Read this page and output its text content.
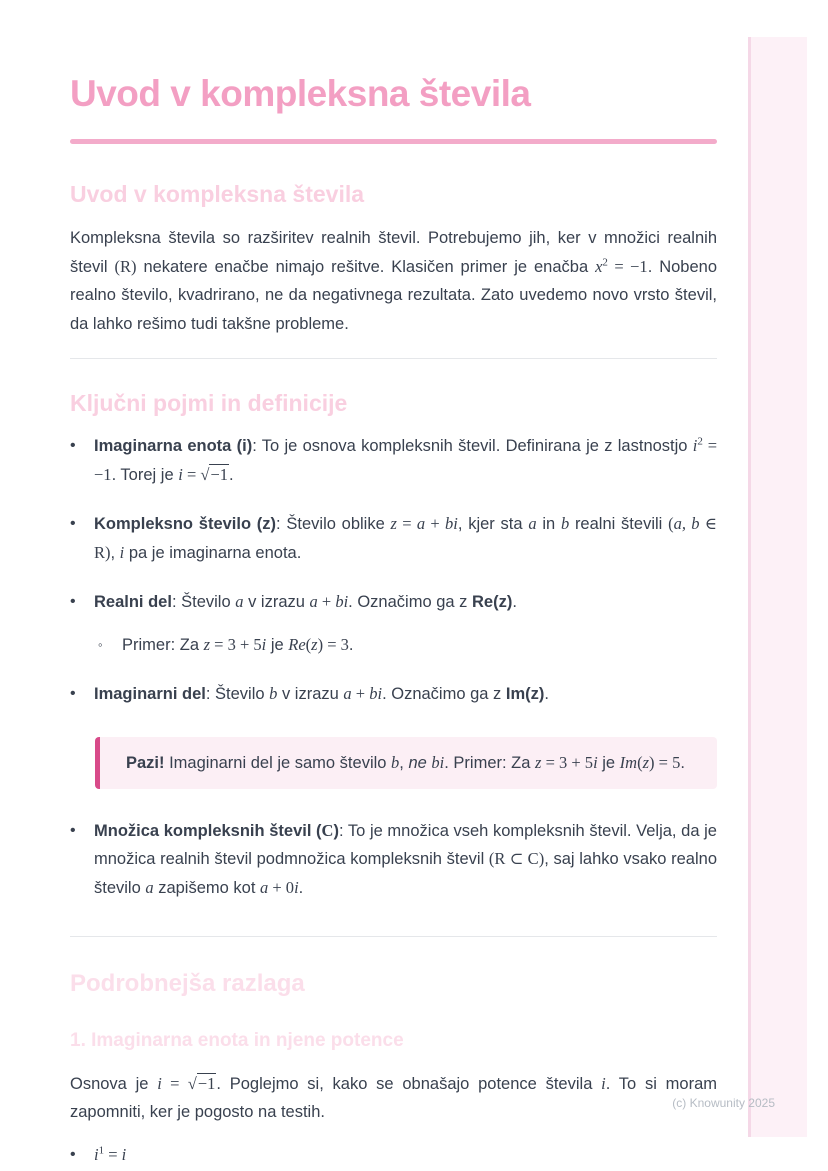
Uvod v kompleksna števila
Uvod v kompleksna števila

Kompleksna števila so razširitev realnih števil. Potrebujemo jih, ker v množici realnih števil (R) nekatere enačbe nimajo rešitve. Klasičen primer je enačba $x^2 = -1$. Nobeno realno število, kvadrirano, ne da negativnega rezultata. Zato uvedemo novo vrsto števil, da lahko rešimo tudi takšne probleme.

Ključni pojmi in definicije
•	Imaginarna enota (i): To je osnova kompleksnih števil. Definirana je z lastnostjo $i^2 = -1$. Torej je i = √−1.
•	Kompleksno število (z): Število oblike z = a + bi, kjer sta a in b realni števili (a, b ∈ R), i pa je imaginarna enota.
•	Realni del: Število a v izrazu a + bi. Označimo ga z Re(z).
◦	Primer: Za z = 3 + 5i je Re(z) = 3.
•	Imaginarni del: Število b v izrazu a + bi. Označimo ga z Im(z).
Pazi! Imaginarni del je samo število b, ne bi. Primer: Za z = 3 + 5i je Im(z) = 5.
•	Množica kompleksnih števil (C): To je množica vseh kompleksnih števil. Velja, da je množica realnih števil podmnožica kompleksnih števil (R ⊂ C), saj lahko vsako realno število a zapišemo kot a + 0i.
Podrobnejša razlaga
1. Imaginarna enota in njene potence

Osnova je i = √−1. Poglejmo si, kako se obnašajo potence števila i. To si moram zapomniti, ker je pogosto na testih.

•	$i^1 = i$
(c) Knowunity 2025
